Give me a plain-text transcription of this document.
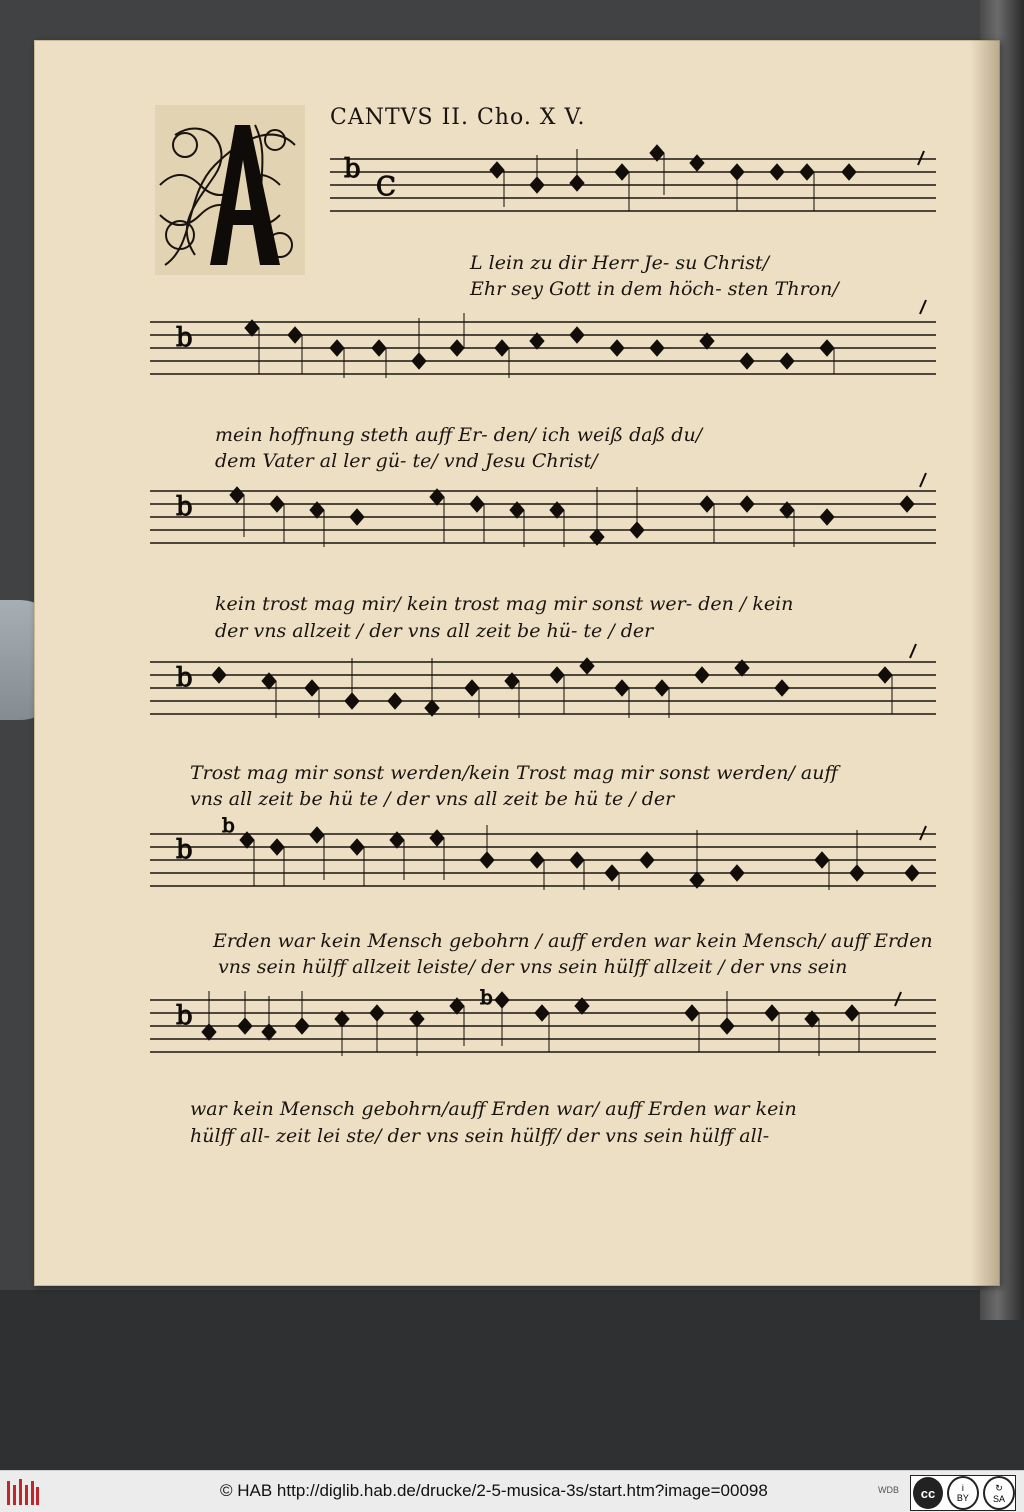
CANTVS II. Cho. X V.
b
C
L lein zu dir Herr Je- su Christ/
Ehr sey Gott in dem höch- sten Thron/
b
mein hoffnung steth auff Er- den/ ich weiß daß du/
dem Vater al ler gü- te/ vnd Jesu Christ/
b
kein trost mag mir/ kein trost mag mir sonst wer- den / kein
der vns allzeit / der vns all zeit be hü- te / der
b
Trost mag mir sonst werden/kein Trost mag mir sonst werden/ auff
vns all zeit be hü te / der vns all zeit be hü te / der
b
b
Erden war kein Mensch gebohrn / auff erden war kein Mensch/ auff Erden
vns sein hülff allzeit leiste/ der vns sein hülff allzeit / der vns sein
b
b
war kein Mensch gebohrn/auff Erden war/ auff Erden war kein
hülff all- zeit lei ste/ der vns sein hülff/ der vns sein hülff all-
© HAB http://diglib.hab.de/drucke/2-5-musica-3s/start.htm?image=00098	WDB	cc	i
BY
↻
SA
